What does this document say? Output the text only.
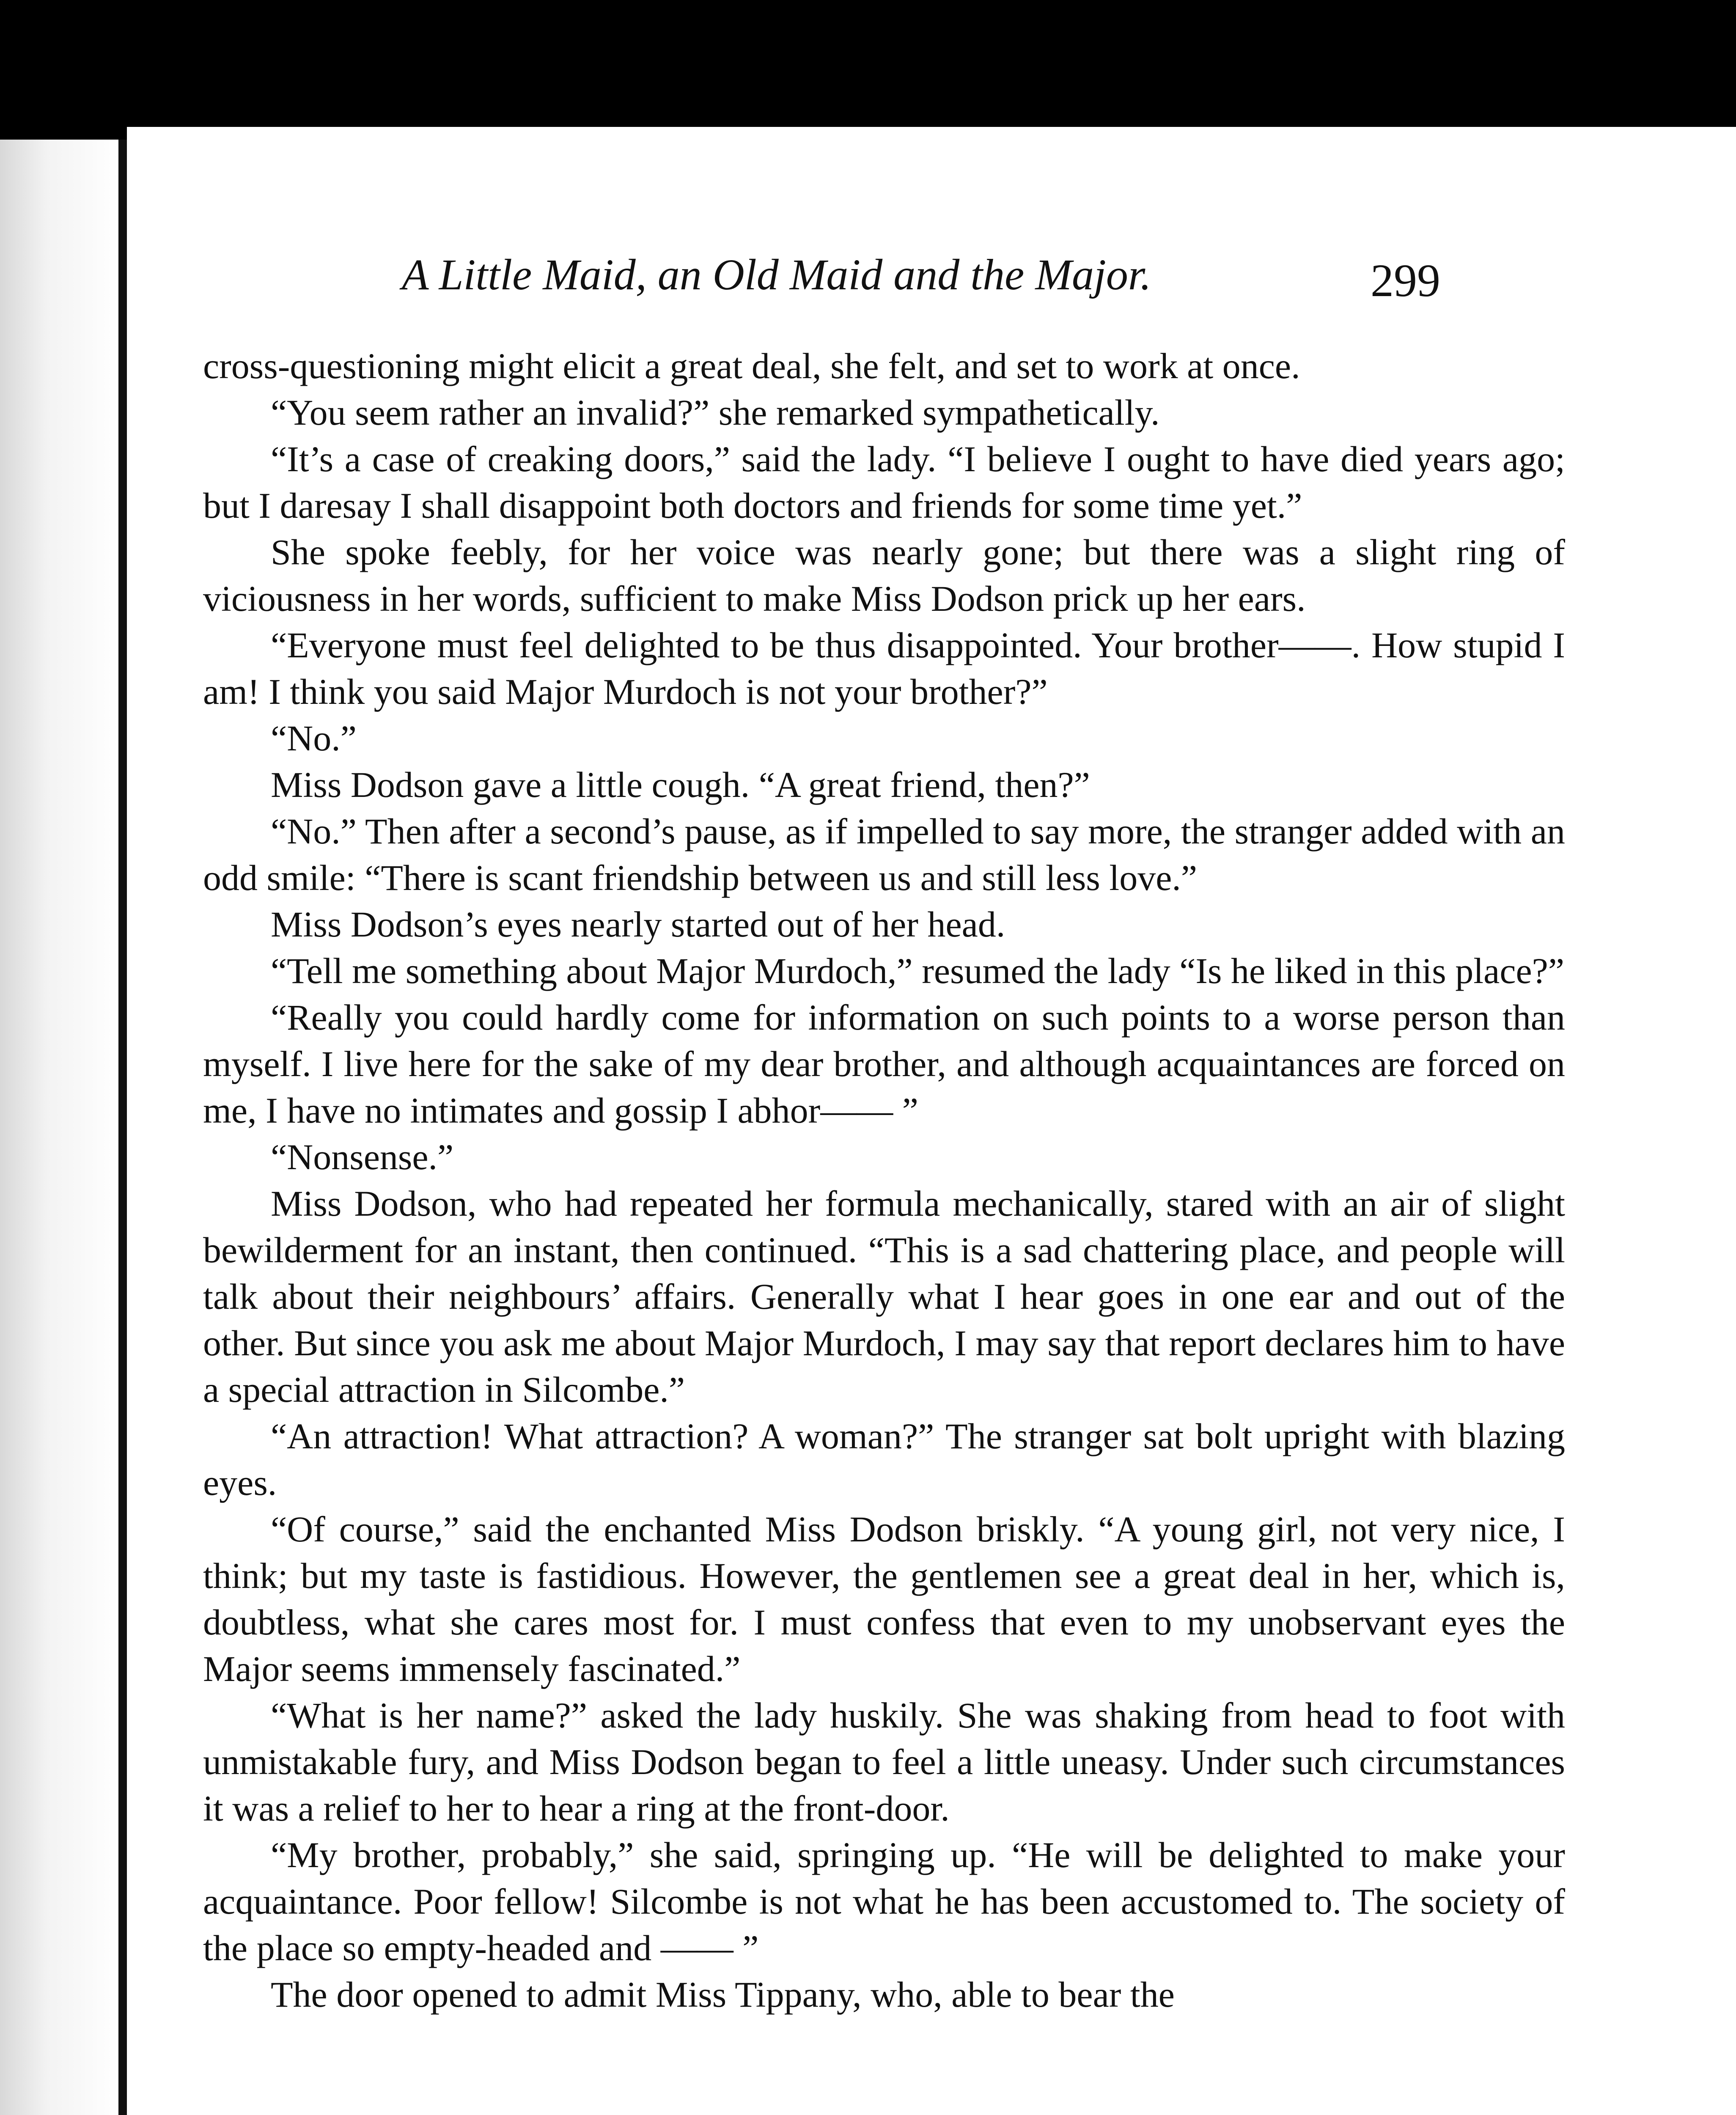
A Little Maid, an Old Maid and the Major.	299

cross-questioning might elicit a great deal, she felt, and set to work at once.

“You seem rather an invalid?” she remarked sympathetically.

“It’s a case of creaking doors,” said the lady. “I believe I ought to have died years ago; but I daresay I shall disappoint both doctors and friends for some time yet.”

She spoke feebly, for her voice was nearly gone; but there was a slight ring of viciousness in her words, sufficient to make Miss Dodson prick up her ears.

“Everyone must feel delighted to be thus disappointed. Your brother——. How stupid I am! I think you said Major Murdoch is not your brother?”

“No.”

Miss Dodson gave a little cough. “A great friend, then?”

“No.” Then after a second’s pause, as if impelled to say more, the stranger added with an odd smile: “There is scant friendship between us and still less love.”

Miss Dodson’s eyes nearly started out of her head.

“Tell me something about Major Murdoch,” resumed the lady “Is he liked in this place?”

“Really you could hardly come for information on such points to a worse person than myself. I live here for the sake of my dear brother, and although acquaintances are forced on me, I have no intimates and gossip I abhor—— ”

“Nonsense.”

Miss Dodson, who had repeated her formula mechanically, stared with an air of slight bewilderment for an instant, then continued. “This is a sad chattering place, and people will talk about their neighbours’ affairs. Generally what I hear goes in one ear and out of the other. But since you ask me about Major Murdoch, I may say that report declares him to have a special attraction in Silcombe.”

“An attraction! What attraction? A woman?” The stranger sat bolt upright with blazing eyes.

“Of course,” said the enchanted Miss Dodson briskly. “A young girl, not very nice, I think; but my taste is fastidious. However, the gentlemen see a great deal in her, which is, doubtless, what she cares most for. I must confess that even to my unobservant eyes the Major seems immensely fascinated.”

“What is her name?” asked the lady huskily. She was shaking from head to foot with unmistakable fury, and Miss Dodson began to feel a little uneasy. Under such circumstances it was a relief to her to hear a ring at the front-door.

“My brother, probably,” she said, springing up. “He will be delighted to make your acquaintance. Poor fellow! Silcombe is not what he has been accustomed to. The society of the place so empty-headed and —— ”

The door opened to admit Miss Tippany, who, able to bear the
